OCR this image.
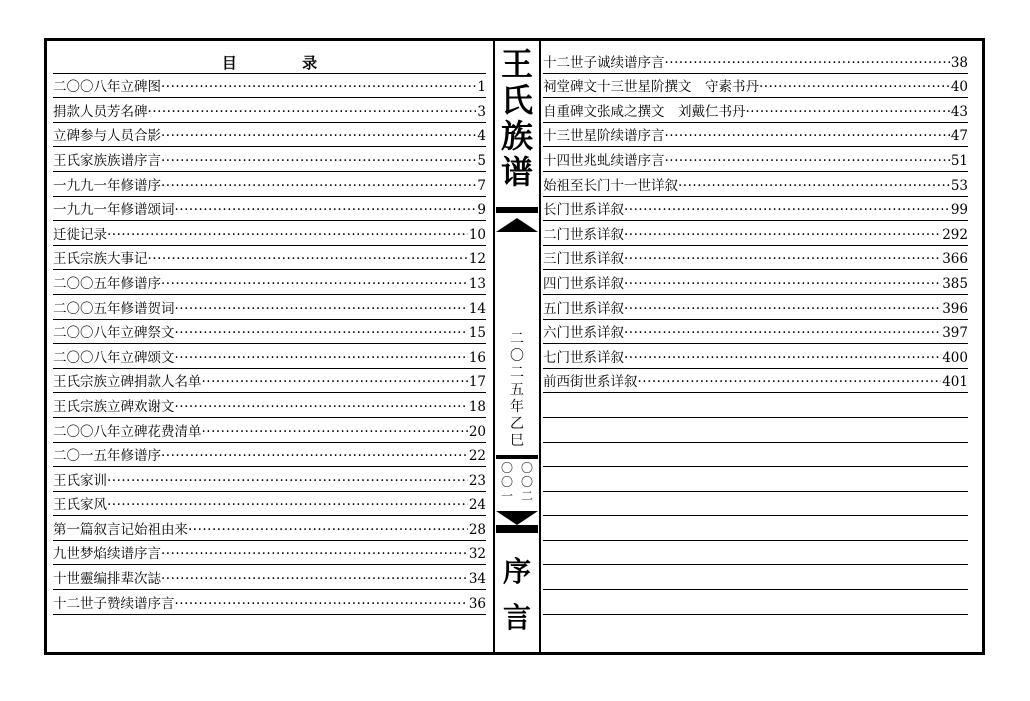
目 录
二〇〇八年立碑图 ·····	1
捐款人员芳名碑 ·····	3
立碑参与人员合影 ·····	4
王氏家族族谱序言 ·····	5
一九九一年修谱序 ·····	7
一九九一年修谱颂词 ·····	9
迁徙记录 ·····	10
王氏宗族大事记 ·····	12
二〇〇五年修谱序 ·····	13
二〇〇五年修谱贺词 ·····	14
二〇〇八年立碑祭文 ·····	15
二〇〇八年立碑颂文 ·····	16
王氏宗族立碑捐款人名单 ·····	17
王氏宗族立碑欢谢文 ·····	18
二〇〇八年立碑花费清单 ·····	20
二〇一五年修谱序 ·····	22
王氏家训 ·····	23
王氏家风 ·····	24
第一篇叙言记始祖由来 ·····	28
九世梦焰续谱序言 ·····	32
十世靈编排辈次誌 ·····	34
十二世子赞续谱序言 ·····	36
王
氏
族
谱
二
〇
二
五
年
乙
巳
〇
〇
一
〇
〇
二
序
言
十二世子诚续谱序言 ·····	38
祠堂碑文十三世星阶撰文　守素书丹 ·····	40
自重碑文张咸之撰文　刘戴仁书丹 ·····	43
十三世星阶续谱序言 ·····	47
十四世兆虬续谱序言 ·····	51
始祖至长门十一世详叙 ·····	53
长门世系详叙 ·····	99
二门世系详叙 ·····	292
三门世系详叙 ·····	366
四门世系详叙 ·····	385
五门世系详叙 ·····	396
六门世系详叙 ·····	397
七门世系详叙 ·····	400
前西街世系详叙 ·····	401
